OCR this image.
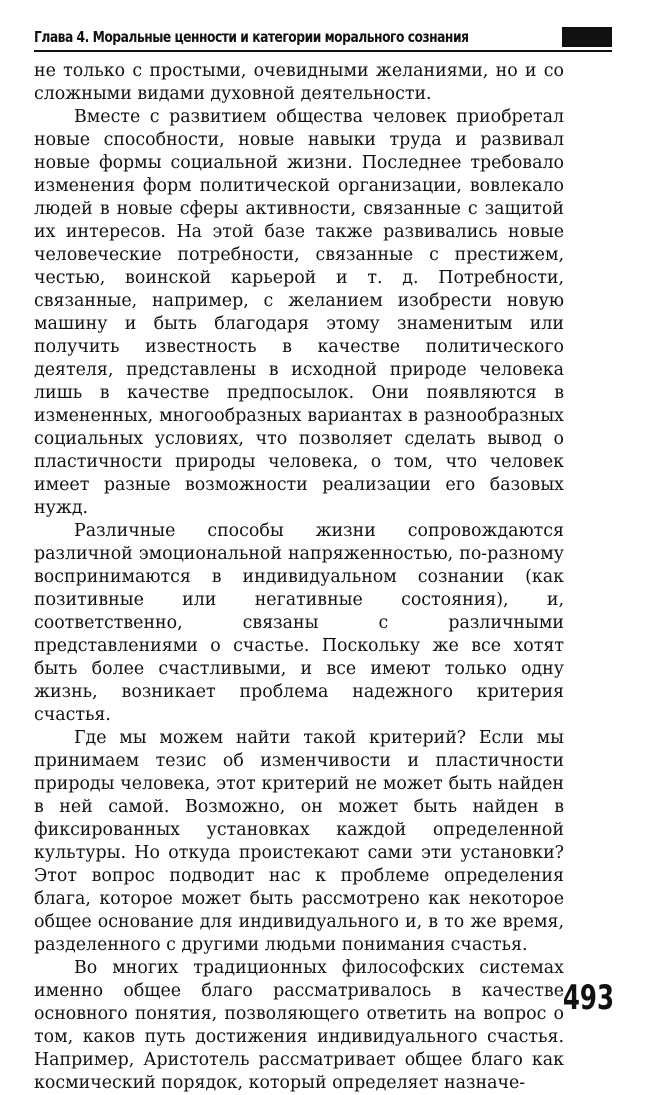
Глава 4. Моральные ценности и категории морального сознания

не только с простыми, очевидными желаниями, но и со сложными видами духовной деятельности.

Вместе с развитием общества человек приобретал новые способности, новые навыки труда и развивал новые формы социальной жизни. Последнее требовало изменения форм политической организации, вовлекало людей в новые сферы активности, связанные с защитой их интересов. На этой базе также развивались новые человеческие потребности, связанные с престижем, честью, воинской карьерой и т. д. Потребности, связанные, например, с желанием изобрести новую машину и быть благодаря этому знаменитым или получить известность в качестве политического деятеля, представлены в исходной природе человека лишь в качестве предпосылок. Они появляются в измененных, многообразных вариантах в разнообразных социальных условиях, что позволяет сделать вывод о пластичности природы человека, о том, что человек имеет разные возможности реализации его базовых нужд.

Различные способы жизни сопровождаются различной эмоциональной напряженностью, по-разному воспринимаются в индивидуальном сознании (как позитивные или негативные состояния), и, соответственно, связаны с различными представлениями о счастье. Поскольку же все хотят быть более счастливыми, и все имеют только одну жизнь, возникает проблема надежного критерия счастья.

Где мы можем найти такой критерий? Если мы принимаем тезис об изменчивости и пластичности природы человека, этот критерий не может быть найден в ней самой. Возможно, он может быть найден в фиксированных установках каждой определенной культуры. Но откуда проистекают сами эти установки? Этот вопрос подводит нас к проблеме определения блага, которое может быть рассмотрено как некоторое общее основание для индивидуального и, в то же время, разделенного с другими людьми понимания счастья.

Во многих традиционных философских системах именно общее благо рассматривалось в качестве основного понятия, позволяющего ответить на вопрос о том, каков путь достижения индивидуального счастья. Например, Аристотель рассматривает общее благо как космический порядок, который определяет назначе-

493
